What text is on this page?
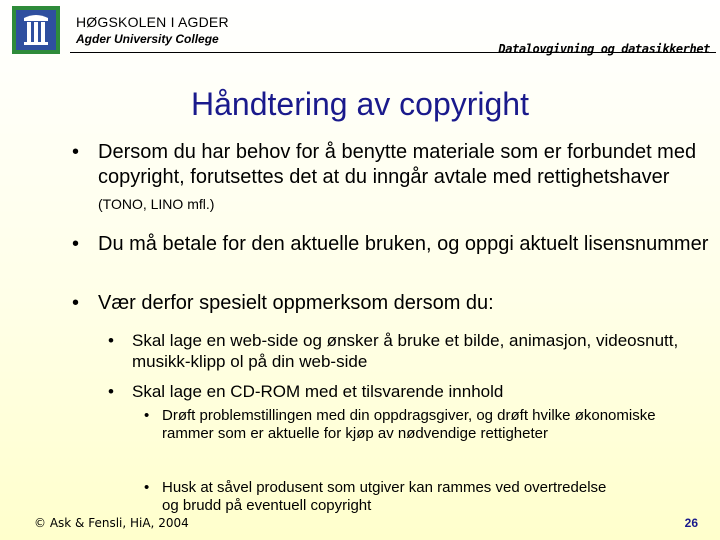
HØGSKOLEN I AGDER
Agder University College
Datalovgivning og datasikkerhet
Håndtering av copyright
• Dersom du har behov for å benytte materiale som er forbundet med copyright, forutsettes det at du inngår avtale med rettighetshaver (TONO, LINO mfl.)
• Du må betale for den aktuelle bruken, og oppgi aktuelt lisensnummer
• Vær derfor spesielt oppmerksom dersom du:
•	Skal lage en web-side og ønsker å bruke et bilde, animasjon, videosnutt, musikk-klipp ol på din web-side
•	Skal lage en CD-ROM med et tilsvarende innhold
• Drøft problemstillingen med din oppdragsgiver, og drøft hvilke økonomiske rammer som er aktuelle for kjøp av nødvendige rettigheter
• Husk at såvel produsent som utgiver kan rammes ved overtredelse og brudd på eventuell copyright
© Ask & Fensli, HiA, 2004	26
